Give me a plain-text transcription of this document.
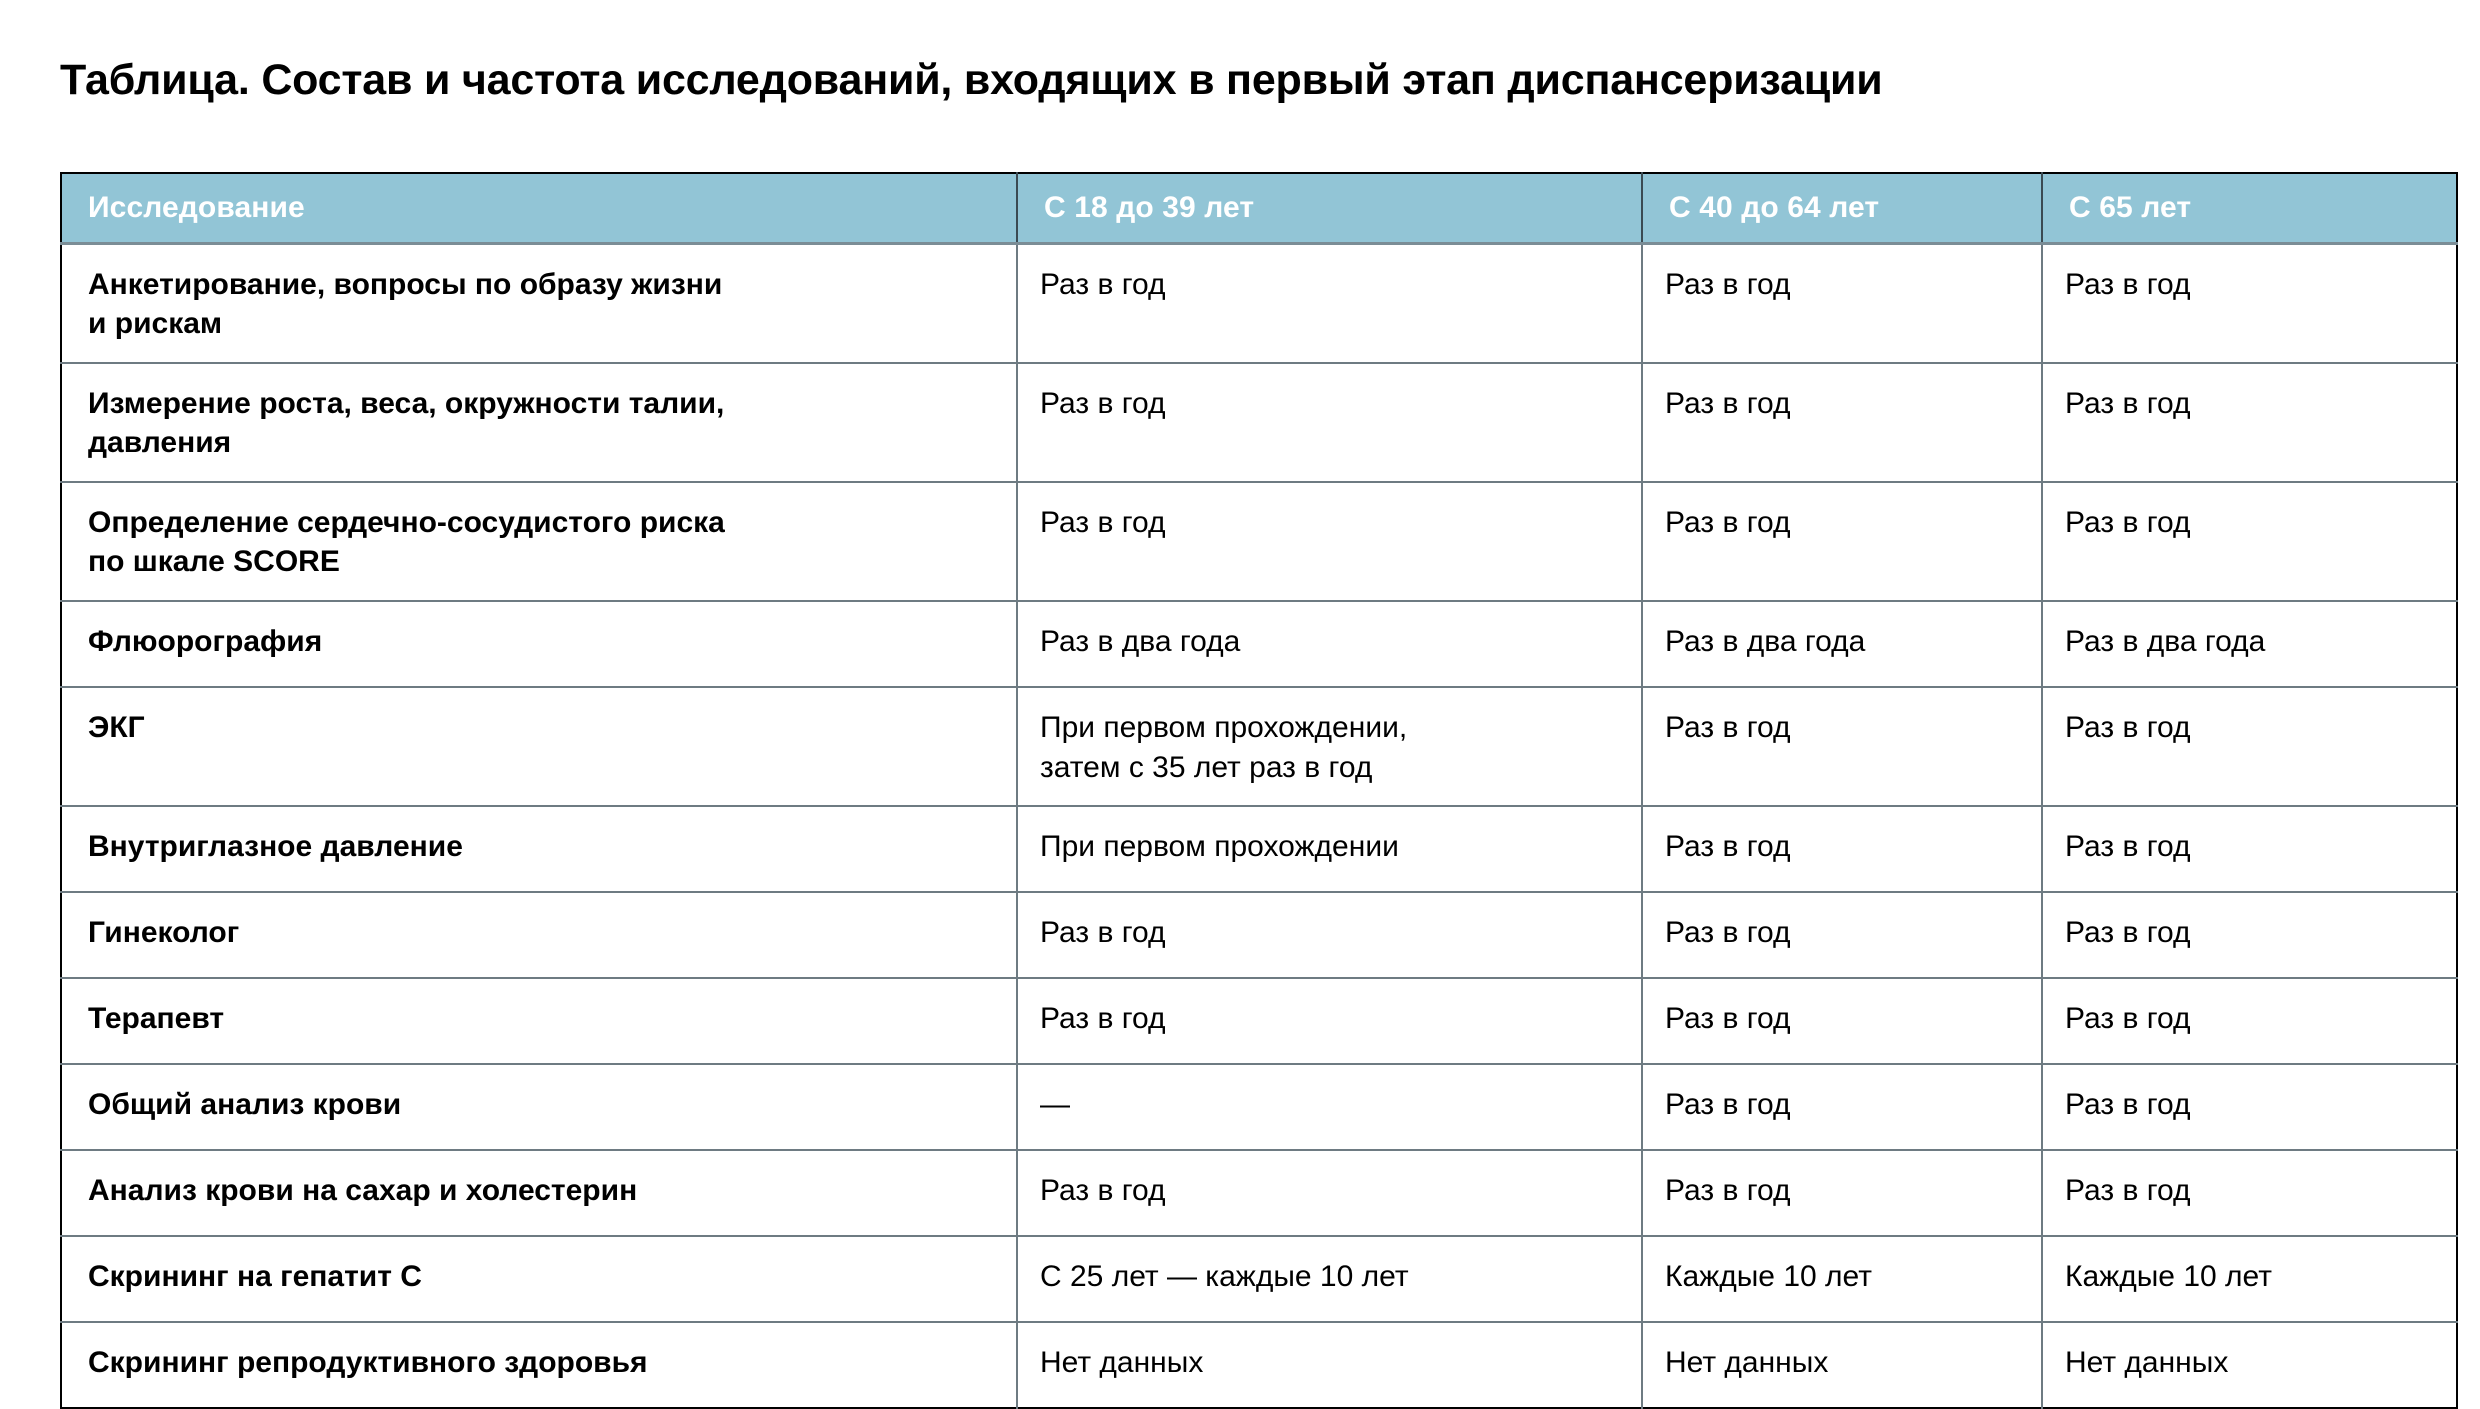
Таблица. Состав и частота исследований, входящих в первый этап диспансеризации
Исследование	С 18 до 39 лет	С 40 до 64 лет	С 65 лет

Анкетирование, вопросы по образу жизни
и рискам	Раз в год	Раз в год	Раз в год

Измерение роста, веса, окружности талии,
давления	Раз в год	Раз в год	Раз в год

Определение сердечно-сосудистого риска
по шкале SCORE	Раз в год	Раз в год	Раз в год

Флюорография	Раз в два года	Раз в два года	Раз в два года

ЭКГ	При первом прохождении,
затем с 35 лет раз в год	Раз в год	Раз в год

Внутриглазное давление	При первом прохождении	Раз в год	Раз в год

Гинеколог	Раз в год	Раз в год	Раз в год

Терапевт	Раз в год	Раз в год	Раз в год

Общий анализ крови	—	Раз в год	Раз в год

Анализ крови на сахар и холестерин	Раз в год	Раз в год	Раз в год

Скрининг на гепатит С	С 25 лет — каждые 10 лет	Каждые 10 лет	Каждые 10 лет

Скрининг репродуктивного здоровья	Нет данных	Нет данных	Нет данных
